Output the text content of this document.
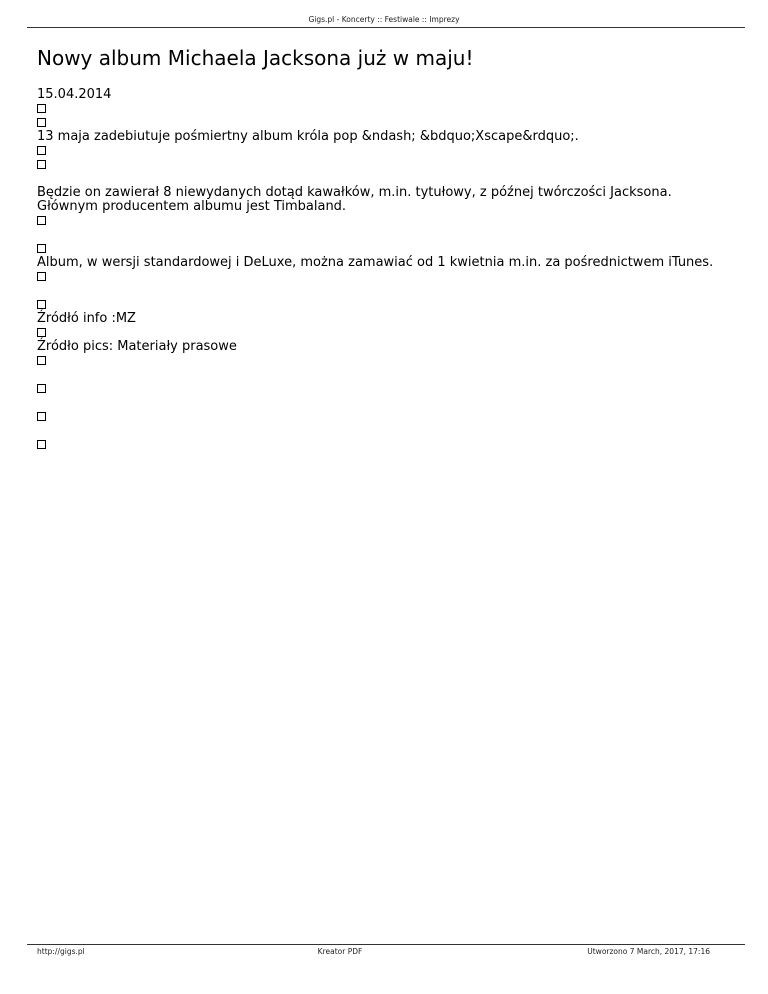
Gigs.pl - Koncerty :: Festiwale :: Imprezy
Nowy album Michaela Jacksona już w maju!
15.04.2014
13 maja zadebiutuje pośmiertny album króla pop &ndash; &bdquo;Xscape&rdquo;.
Będzie on zawierał 8 niewydanych dotąd kawałków, m.in. tytułowy, z późnej twórczości Jacksona.
Głównym producentem albumu jest Timbaland.
Album, w wersji standardowej i DeLuxe, można zamawiać od 1 kwietnia m.in. za pośrednictwem iTunes.
Źródłó info :MZ
Źródło pics: Materiały prasowe
http://gigs.pl	Kreator PDF	Utworzono 7 March, 2017, 17:16
